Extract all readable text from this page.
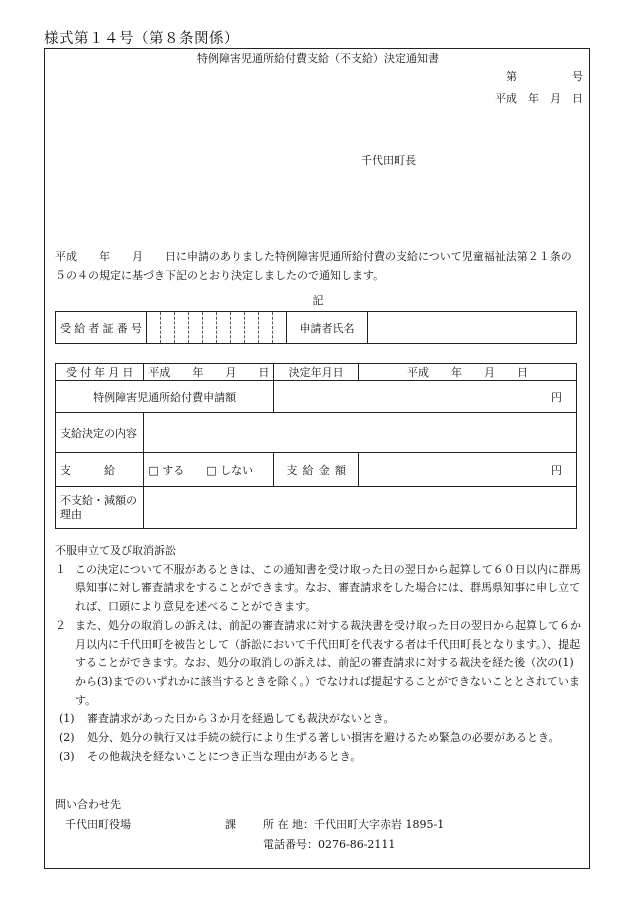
様式第１４号（第８条関係）
特例障害児通所給付費支給（不支給）決定通知書
第　　　　　号
平成　年　月　日
千代田町長
平成　　年　　月　　日に申請のありました特例障害児通所給付費の支給について児童福祉法第２１条の５の４の規定に基づき下記のとおり決定しましたので通知します。
記
受給者証番号											申請者氏名	
受付年月日	平成　　年　　月　　日	決定年月日	平成　　年　　月　　日
特例障害児通所給付費申請額		円	
支給決定の内容			
支　　　給	□ する　　 □ しない	支給金額	円
不支給・減額の理由			
不服申立て及び取消訴訟
１ この決定について不服があるときは、この通知書を受け取った日の翌日から起算して６０日以内に群馬県知事に対し審査請求をすることができます。なお、審査請求をした場合には、群馬県知事に申し立てれば、口頭により意見を述べることができます。
２ また、処分の取消しの訴えは、前記の審査請求に対する裁決書を受け取った日の翌日から起算して６か月以内に千代田町を被告として（訴訟において千代田町を代表する者は千代田町長となります。）、提起することができます。なお、処分の取消しの訴えは、前記の審査請求に対する裁決を経た後（次の(1)から(3)までのいずれかに該当するときを除く。）でなければ提起することができないこととされています。
(1)	審査請求があった日から３か月を経過しても裁決がないとき。
(2)	処分、処分の執行又は手続の続行により生ずる著しい損害を避けるため緊急の必要があるとき。
(3)	その他裁決を経ないことにつき正当な理由があるとき。
問い合わせ先
千代田町役場	課	所 在 地：千代田町大字赤岩 1895-1
電話番号：0276-86-2111
